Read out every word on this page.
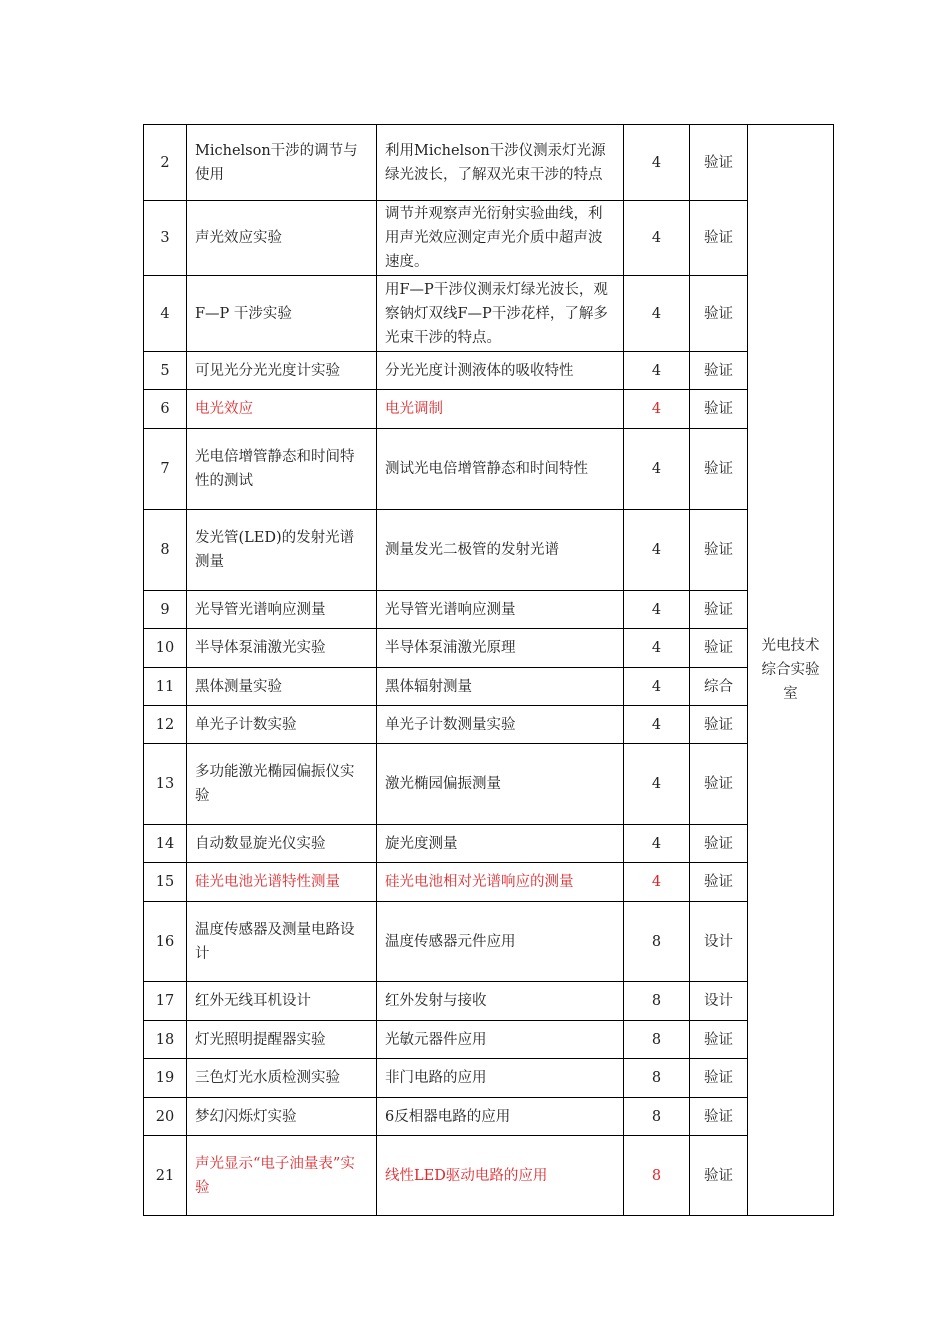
2	Michelson干涉的调节与使用	利用Michelson干涉仪测汞灯光源绿光波长，了解双光束干涉的特点	4	验证	光电技术综合实验室
3	声光效应实验	调节并观察声光衍射实验曲线，利用声光效应测定声光介质中超声波速度。	4	验证	
4	F—P 干涉实验	用F—P干涉仪测汞灯绿光波长，观察钠灯双线F—P干涉花样，了解多光束干涉的特点。	4	验证	
5	可见光分光光度计实验	分光光度计测液体的吸收特性	4	验证	
6	电光效应	电光调制	4	验证	
7	光电倍增管静态和时间特性的测试	测试光电倍增管静态和时间特性	4	验证	
8	发光管(LED)的发射光谱测量	测量发光二极管的发射光谱	4	验证	
9	光导管光谱响应测量	光导管光谱响应测量	4	验证	
10	半导体泵浦激光实验	半导体泵浦激光原理	4	验证	
11	黑体测量实验	黑体辐射测量	4	综合	
12	单光子计数实验	单光子计数测量实验	4	验证	
13	多功能激光椭园偏振仪实验	激光椭园偏振测量	4	验证	
14	自动数显旋光仪实验	旋光度测量	4	验证	
15	硅光电池光谱特性测量	硅光电池相对光谱响应的测量	4	验证	
16	温度传感器及测量电路设计	温度传感器元件应用	8	设计	
17	红外无线耳机设计	红外发射与接收	8	设计	
18	灯光照明提醒器实验	光敏元器件应用	8	验证	
19	三色灯光水质检测实验	非门电路的应用	8	验证	
20	梦幻闪烁灯实验	6反相器电路的应用	8	验证	
21	声光显示“电子油量表”实验	线性LED驱动电路的应用	8	验证	
